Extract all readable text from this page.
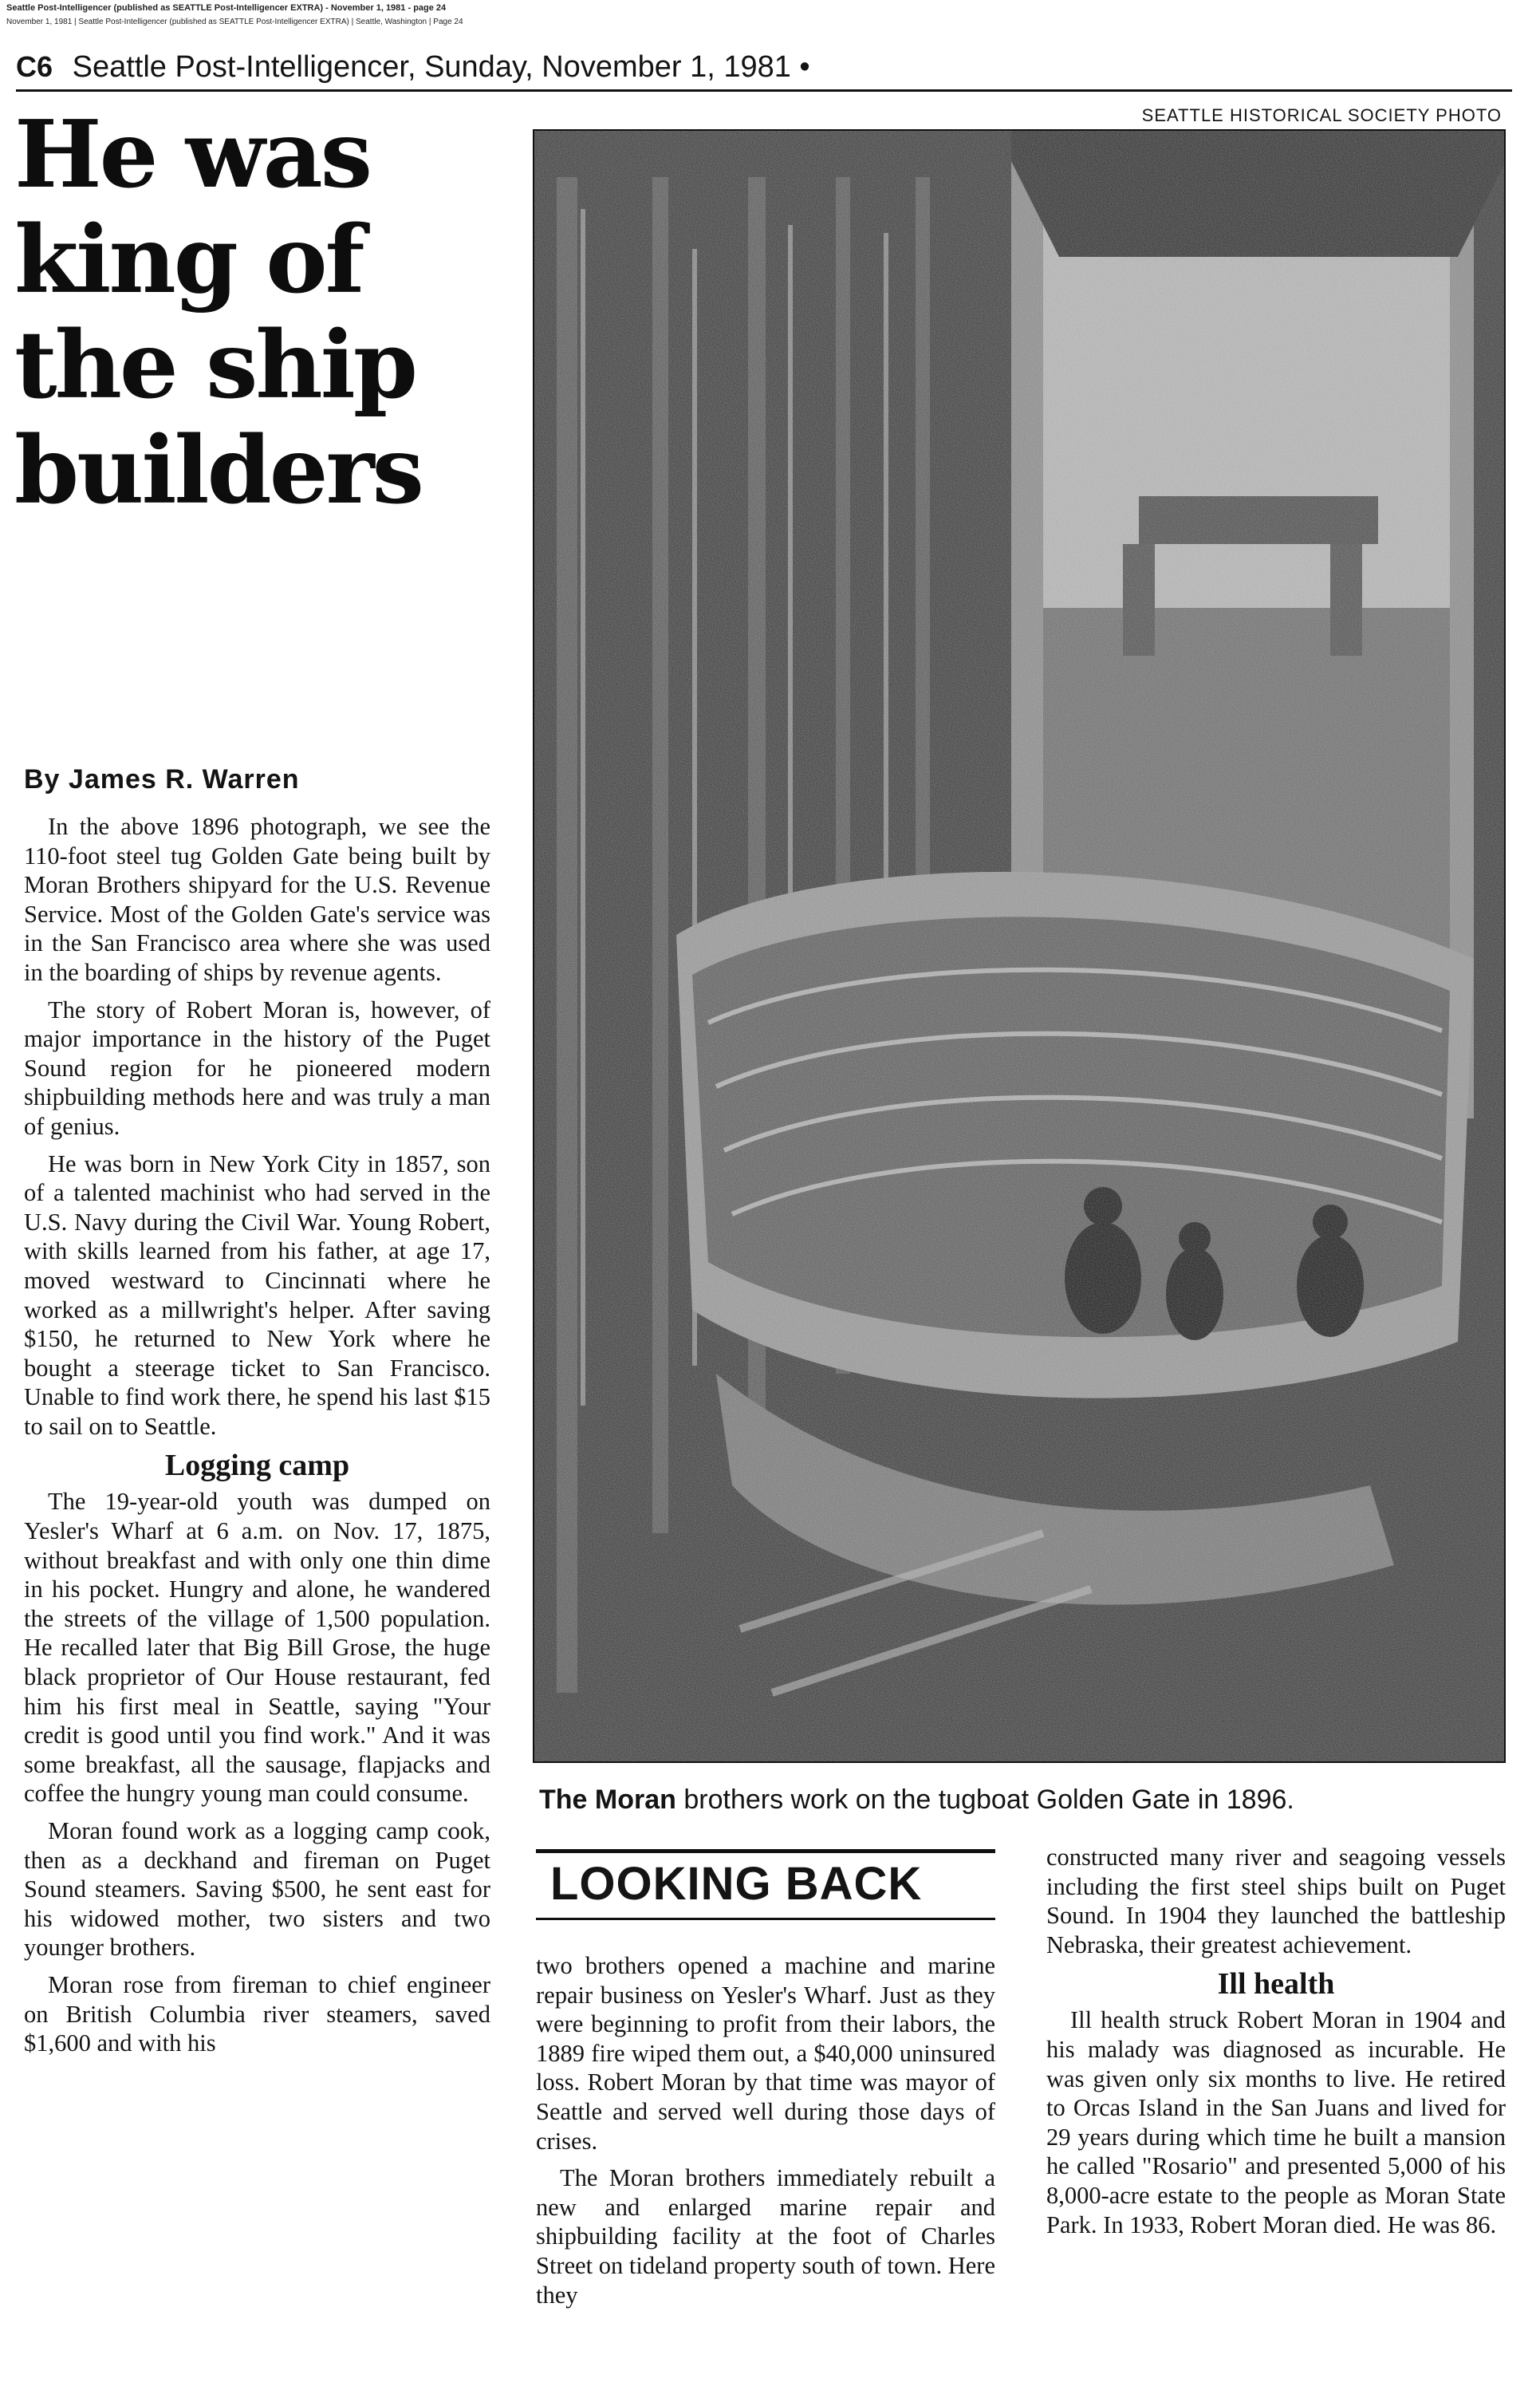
Seattle Post-Intelligencer (published as SEATTLE Post-Intelligencer EXTRA) - November 1, 1981 - page 24
November 1, 1981 | Seattle Post-Intelligencer (published as SEATTLE Post-Intelligencer EXTRA) | Seattle, Washington | Page 24
C6 Seattle Post-Intelligencer, Sunday, November 1, 1981 •
He was
king of
the ship
builders
By James R. Warren

In the above 1896 photograph, we see the 110-foot steel tug Golden Gate being built by Moran Brothers shipyard for the U.S. Revenue Service. Most of the Golden Gate's service was in the San Francisco area where she was used in the boarding of ships by revenue agents.

The story of Robert Moran is, however, of major importance in the history of the Puget Sound region for he pioneered modern shipbuilding methods here and was truly a man of genius.

He was born in New York City in 1857, son of a talented machinist who had served in the U.S. Navy during the Civil War. Young Robert, with skills learned from his father, at age 17, moved westward to Cincinnati where he worked as a millwright's helper. After saving $150, he returned to New York where he bought a steerage ticket to San Francisco. Unable to find work there, he spend his last $15 to sail on to Seattle.

Logging camp

The 19-year-old youth was dumped on Yesler's Wharf at 6 a.m. on Nov. 17, 1875, without breakfast and with only one thin dime in his pocket. Hungry and alone, he wandered the streets of the village of 1,500 population. He recalled later that Big Bill Grose, the huge black proprietor of Our House restaurant, fed him his first meal in Seattle, saying "Your credit is good until you find work." And it was some breakfast, all the sausage, flapjacks and coffee the hungry young man could consume.

Moran found work as a logging camp cook, then as a deckhand and fireman on Puget Sound steamers. Saving $500, he sent east for his widowed mother, two sisters and two younger brothers.

Moran rose from fireman to chief engineer on British Columbia river steamers, saved $1,600 and with his

SEATTLE HISTORICAL SOCIETY PHOTO
The Moran brothers work on the tugboat Golden Gate in 1896.
LOOKING BACK

two brothers opened a machine and marine repair business on Yesler's Wharf. Just as they were beginning to profit from their labors, the 1889 fire wiped them out, a $40,000 uninsured loss. Robert Moran by that time was mayor of Seattle and served well during those days of crises.

The Moran brothers immediately rebuilt a new and enlarged marine repair and shipbuilding facility at the foot of Charles Street on tideland property south of town. Here they

constructed many river and seagoing vessels including the first steel ships built on Puget Sound. In 1904 they launched the battleship Nebraska, their greatest achievement.

Ill health

Ill health struck Robert Moran in 1904 and his malady was diagnosed as incurable. He was given only six months to live. He retired to Orcas Island in the San Juans and lived for 29 years during which time he built a mansion he called "Rosario" and presented 5,000 of his 8,000-acre estate to the people as Moran State Park. In 1933, Robert Moran died. He was 86.
